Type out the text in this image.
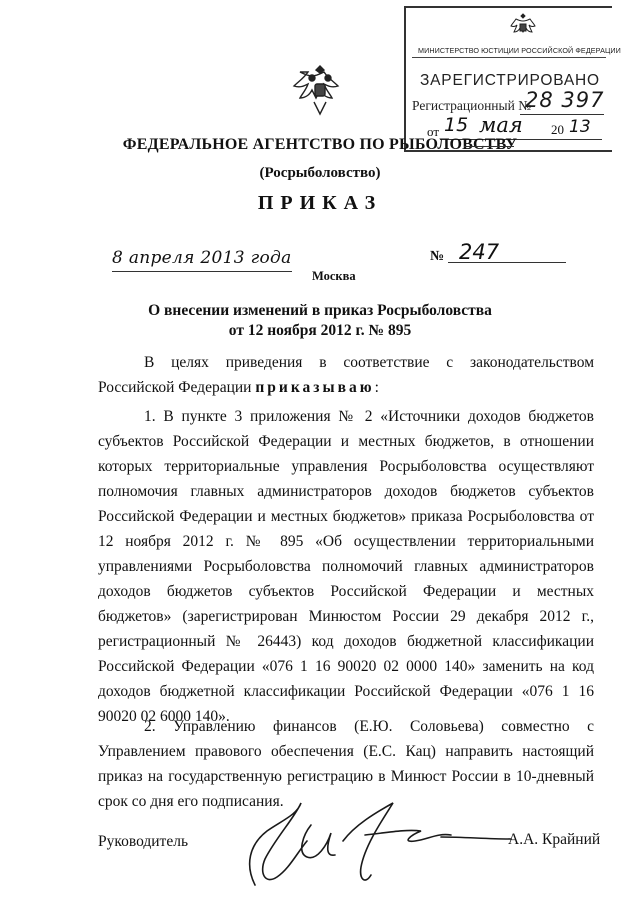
МИНИСТЕРСТВО ЮСТИЦИИ РОССИЙСКОЙ ФЕДЕРАЦИИ
ЗАРЕГИСТРИРОВАНО
Регистрационный №
28 397
от 15 мая 20 13
ФЕДЕРАЛЬНОЕ АГЕНТСТВО ПО РЫБОЛОВСТВУ
(Росрыболовство)
ПРИКАЗ
8 апреля 2013 года	№ 247
Москва
О внесении изменений в приказ Росрыболовства
от 12 ноября 2012 г. № 895
В целях приведения в соответствие с законодательством Российской Федерации приказываю:
1. В пункте 3 приложения № 2 «Источники доходов бюджетов субъектов Российской Федерации и местных бюджетов, в отношении которых территориальные управления Росрыболовства осуществляют полномочия главных администраторов доходов бюджетов субъектов Российской Федерации и местных бюджетов» приказа Росрыболовства от 12 ноября 2012 г. № 895 «Об осуществлении территориальными управлениями Росрыболовства полномочий главных администраторов доходов бюджетов субъектов Российской Федерации и местных бюджетов» (зарегистрирован Минюстом России 29 декабря 2012 г., регистрационный № 26443) код доходов бюджетной классификации Российской Федерации «076 1 16 90020 02 0000 140» заменить на код доходов бюджетной классификации Российской Федерации «076 1 16 90020 02 6000 140».
2. Управлению финансов (Е.Ю. Соловьева) совместно с Управлением правового обеспечения (Е.С. Кац) направить настоящий приказ на государственную регистрацию в Минюст России в 10-дневный срок со дня его подписания.
Руководитель	А.А. Крайний
